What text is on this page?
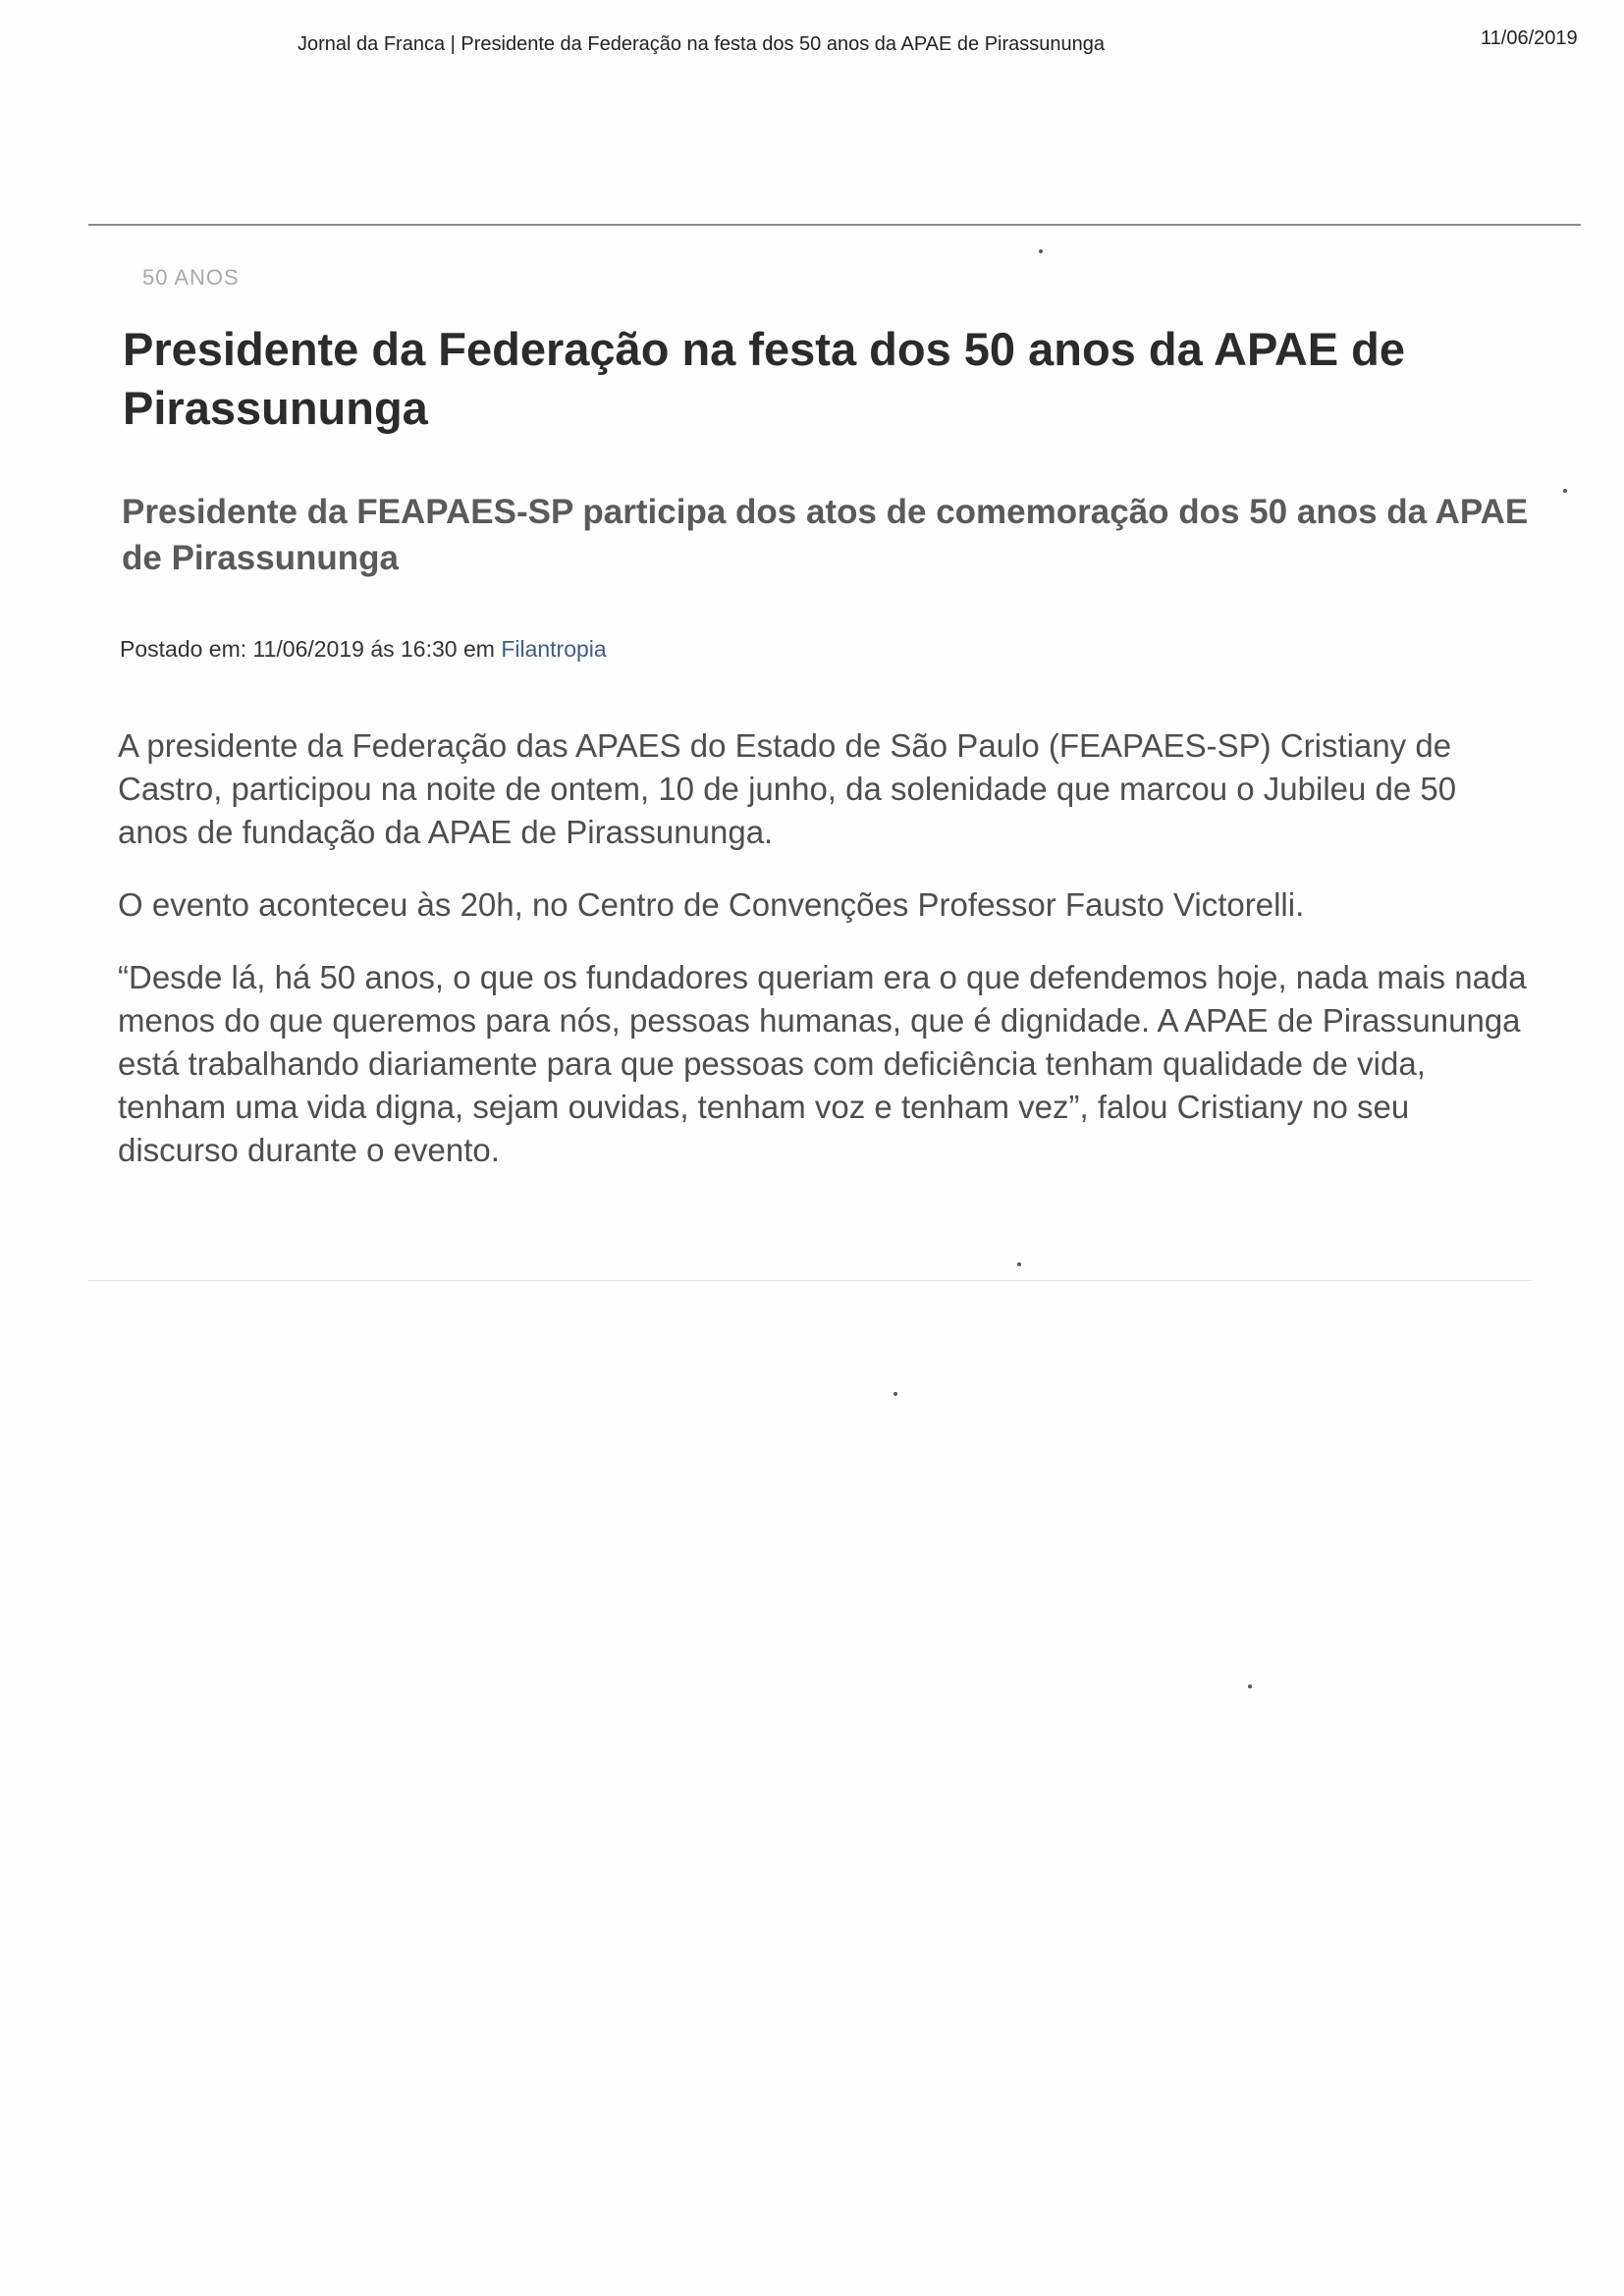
Jornal da Franca | Presidente da Federação na festa dos 50 anos da APAE de Pirassununga	11/06/2019
50 ANOS
Presidente da Federação na festa dos 50 anos da APAE de Pirassununga
Presidente da FEAPAES-SP participa dos atos de comemoração dos 50 anos da APAE de Pirassununga
Postado em: 11/06/2019 ás 16:30 em Filantropia

A presidente da Federação das APAES do Estado de São Paulo (FEAPAES-SP) Cristiany de Castro, participou na noite de ontem, 10 de junho, da solenidade que marcou o Jubileu de 50 anos de fundação da APAE de Pirassununga.

O evento aconteceu às 20h, no Centro de Convenções Professor Fausto Victorelli.

“Desde lá, há 50 anos, o que os fundadores queriam era o que defendemos hoje, nada mais nada menos do que queremos para nós, pessoas humanas, que é dignidade. A APAE de Pirassununga está trabalhando diariamente para que pessoas com deficiência tenham qualidade de vida, tenham uma vida digna, sejam ouvidas, tenham voz e tenham vez”, falou Cristiany no seu discurso durante o evento.
